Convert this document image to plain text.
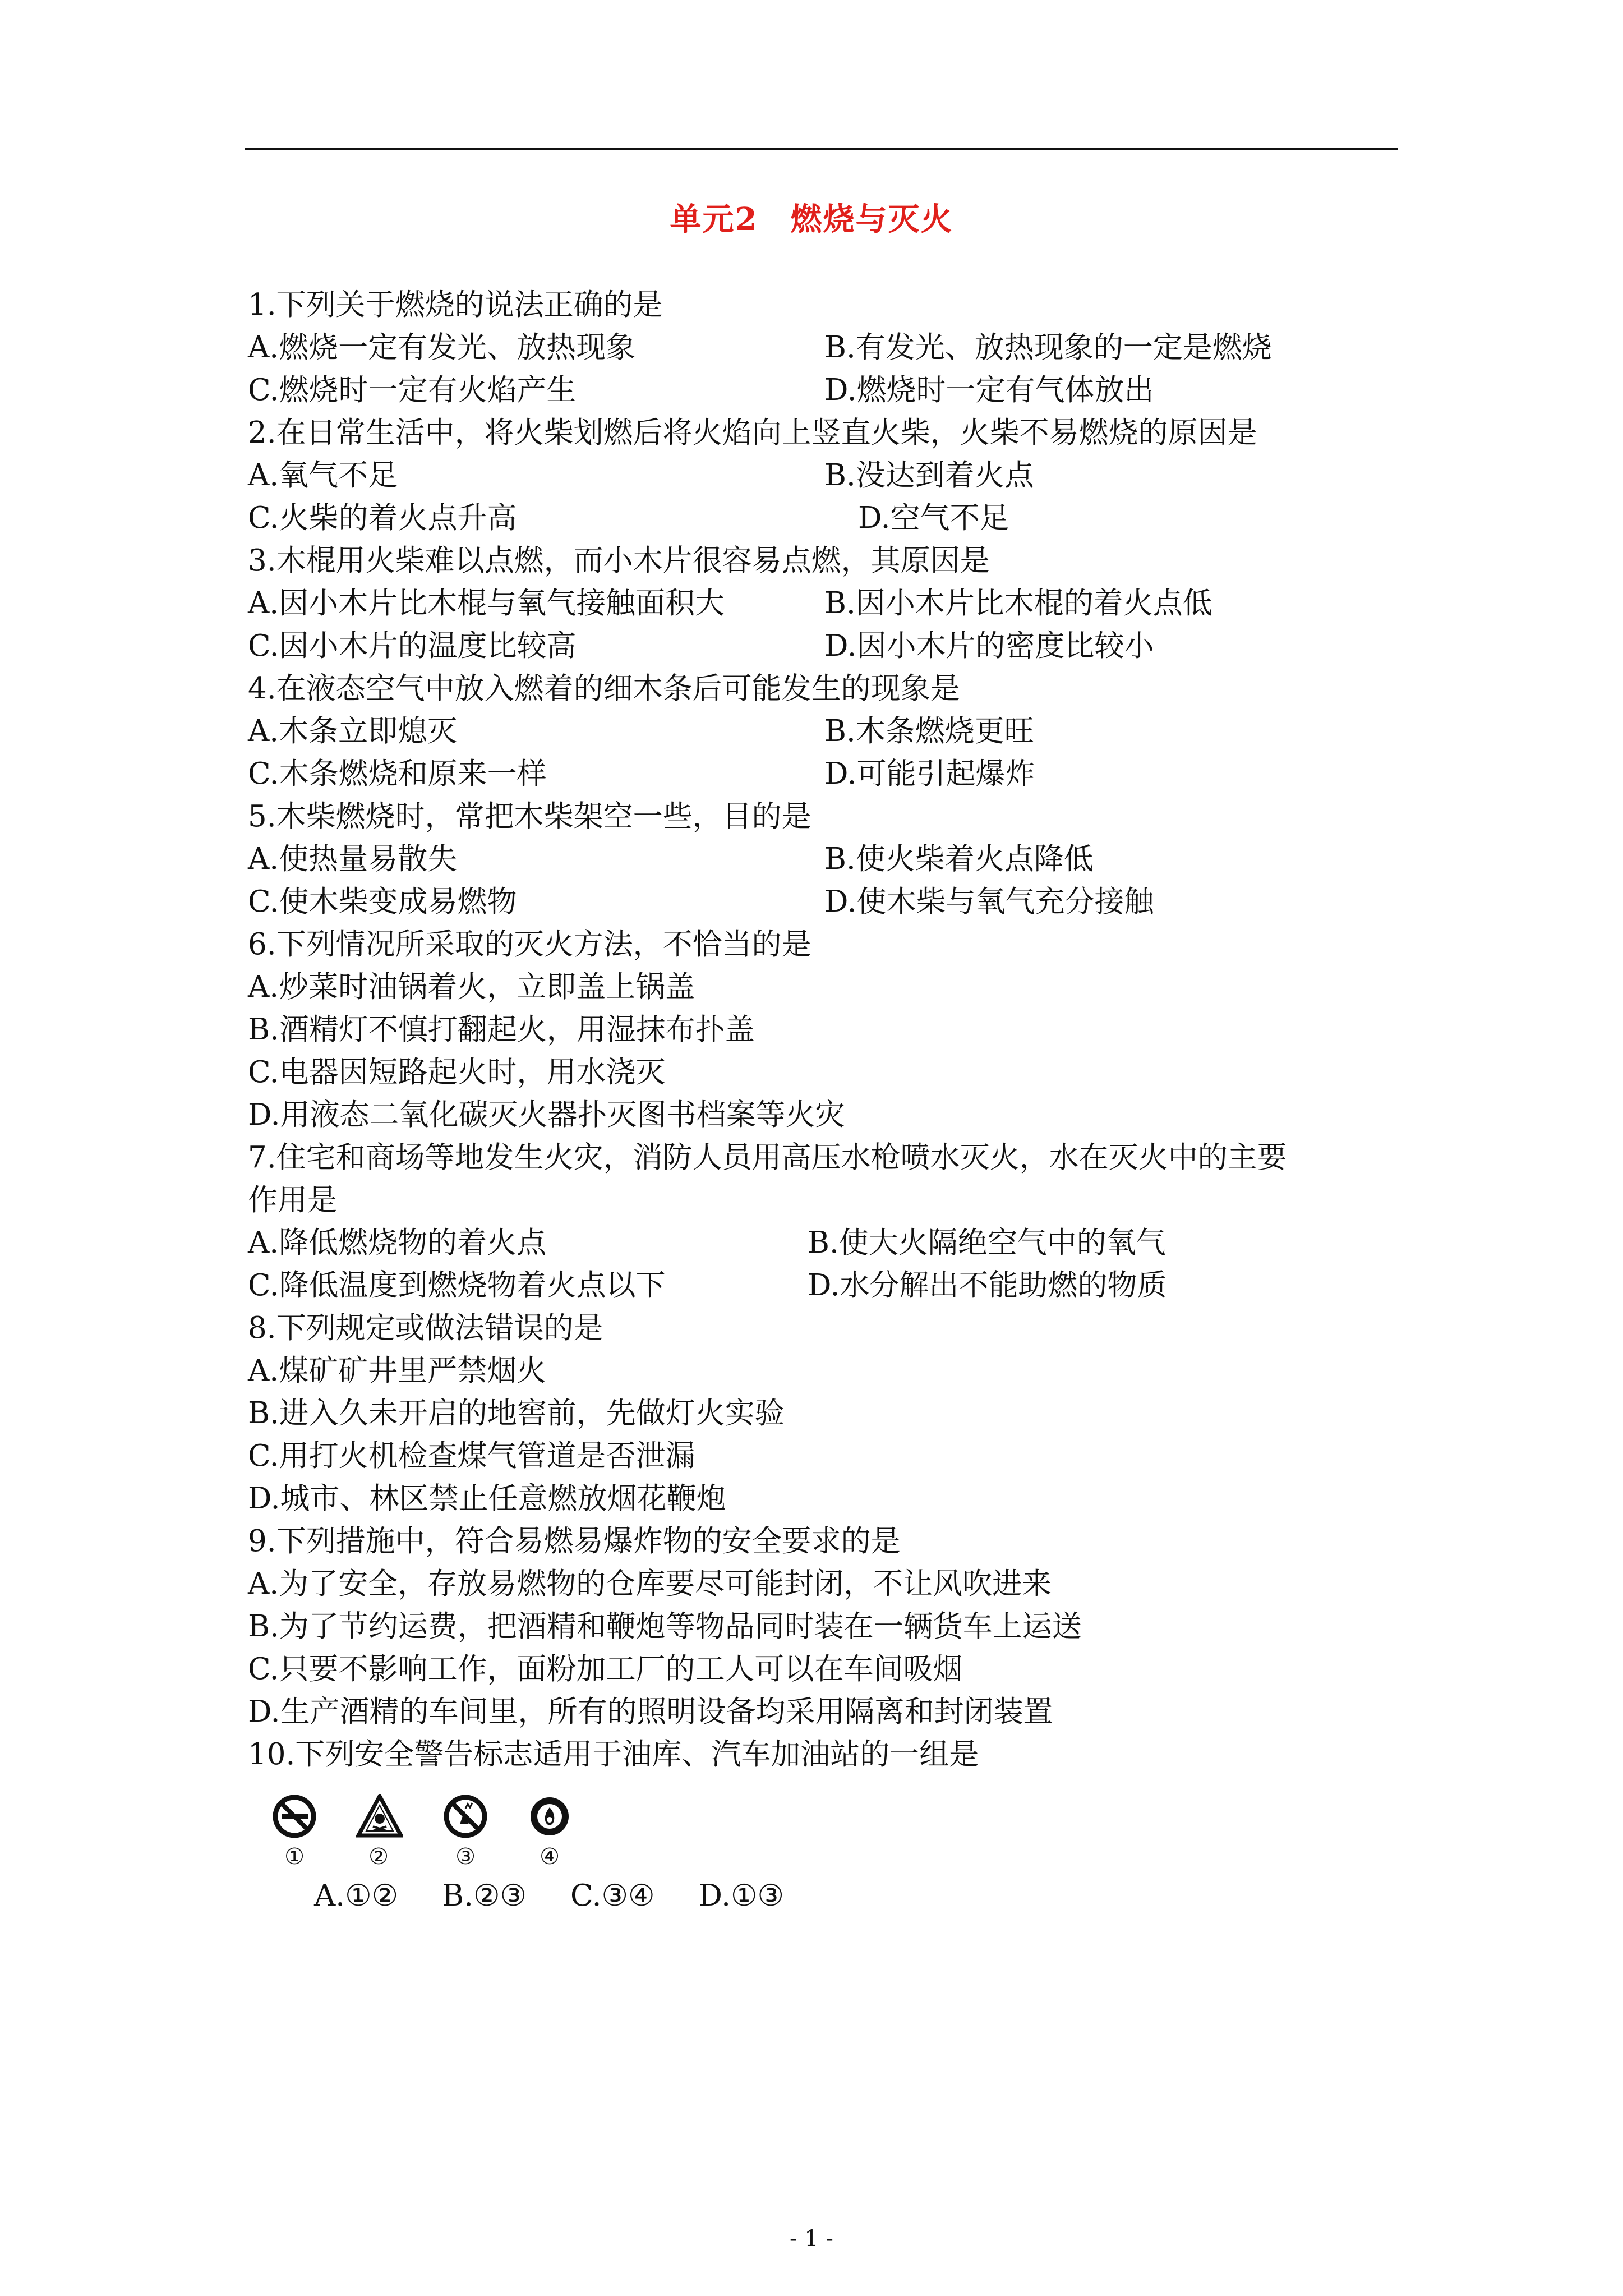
单元2　燃烧与灭火
1.下列关于燃烧的说法正确的是
A.燃烧一定有发光、放热现象	B.有发光、放热现象的一定是燃烧
C.燃烧时一定有火焰产生	D.燃烧时一定有气体放出
2.在日常生活中，将火柴划燃后将火焰向上竖直火柴，火柴不易燃烧的原因是
A.氧气不足	B.没达到着火点
C.火柴的着火点升高	D.空气不足
3.木棍用火柴难以点燃，而小木片很容易点燃，其原因是
A.因小木片比木棍与氧气接触面积大	B.因小木片比木棍的着火点低
C.因小木片的温度比较高	D.因小木片的密度比较小
4.在液态空气中放入燃着的细木条后可能发生的现象是
A.木条立即熄灭	B.木条燃烧更旺
C.木条燃烧和原来一样	D.可能引起爆炸
5.木柴燃烧时，常把木柴架空一些，目的是
A.使热量易散失	B.使火柴着火点降低
C.使木柴变成易燃物	D.使木柴与氧气充分接触
6.下列情况所采取的灭火方法，不恰当的是
A.炒菜时油锅着火，立即盖上锅盖
B.酒精灯不慎打翻起火，用湿抹布扑盖
C.电器因短路起火时，用水浇灭
D.用液态二氧化碳灭火器扑灭图书档案等火灾
7.住宅和商场等地发生火灾，消防人员用高压水枪喷水灭火，水在灭火中的主要
作用是
A.降低燃烧物的着火点	B.使大火隔绝空气中的氧气
C.降低温度到燃烧物着火点以下	D.水分解出不能助燃的物质
8.下列规定或做法错误的是
A.煤矿矿井里严禁烟火
B.进入久未开启的地窖前，先做灯火实验
C.用打火机检查煤气管道是否泄漏
D.城市、林区禁止任意燃放烟花鞭炮
9.下列措施中，符合易燃易爆炸物的安全要求的是
A.为了安全，存放易燃物的仓库要尽可能封闭，不让风吹进来
B.为了节约运费，把酒精和鞭炮等物品同时装在一辆货车上运送
C.只要不影响工作，面粉加工厂的工人可以在车间吸烟
D.生产酒精的车间里，所有的照明设备均采用隔离和封闭装置
10.下列安全警告标志适用于油库、汽车加油站的一组是
①	②	③	④
A.①② B.②③ C.③④ D.①③
- 1 -
